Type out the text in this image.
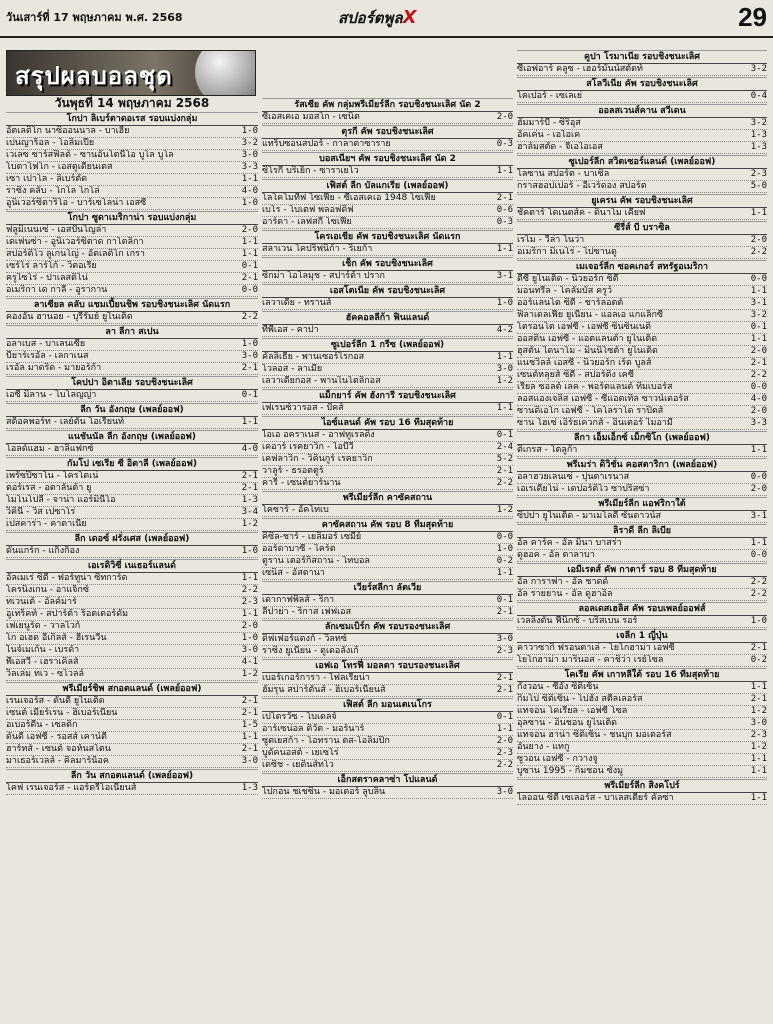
วันเสาร์ที่ 17 พฤษภาคม พ.ศ. 2568	สปอร์ตพูลX	29
สรุปผลบอลชุด
วันพุธที่ 14 พฤษภาคม 2568
โกปา ลิเบร์ตาดอเรส รอบแบ่งกลุ่ม
อัตเลติโก นาซิออนนาล - บาเฮีย	1-0
เปนญาร็อล - โอลิมเปีย	3-2
เวเลซ ซาร์สฟิลด์ - ซานอันโตนีโอ บูโล บูโล	3-0
โบตาโฟโก - เอสตูเดียนเตส	3-3
เซา เปาโล - ลิเบร์ตัด	1-1
ราซิ่ง คลับ - โกโล โกโล่	4-0
อูนิเวอร์ซิตาริโอ - บาร์เซโลน่า เอสซี	1-0
โกปา ซูดาเมริกาน่า รอบแบ่งกลุ่ม
ฟลูมิเนนเซ่ - เอสปันโญล่า	2-0
เดเฟนซ่า - อูนิเวอร์ซิตาด กาโตลิกา	1-1
สปอร์ติโว ลูเกนโญ่ - อัตเลติโก เกรา	1-1
เซร์โร่ ลาร์โก้ - วิตอเรีย	0-1
ครูไซโร่ - ปาเลสติโน่	2-1
อเมริกา เด กาลี - อูรากาน	0-0
ลาเซียล คลับ แชมเปี้ยนชิพ รอบชิงชนะเลิศ นัดแรก
คองอัน ฮานอย - บุรีรัมย์ ยูไนเต็ด	2-2
ลา ลีกา สเปน
อลาเบส - บาเลนเซีย	1-0
บียาร์เรอัล - เลกาเนส	3-0
เรอัล มาดริด - มายอร์ก้า	2-1
โคปปา อิตาเลีย รอบชิงชนะเลิศ
เอซี มิลาน - โบโลญญ่า	0-1
ลีก วัน อังกฤษ (เพลย์ออฟ)
สต็อคพอร์ท - เลย์ตัน โอเรียนท์	1-1
แนชันนัล ลีก อังกฤษ (เพลย์ออฟ)
โอลด์แฮม - ฮาลิแฟกซ์	4-0
กัมโป เซเรีย ซี อิตาลี (เพลย์ออฟ)
เพรัซปิซาโน - โครโตเน่	2-1
ตอร์เรส - อตาลันต้า ยู	2-1
โมโนโปลี - จาน่า แอร์มินีโอ	1-3
วิคินี่ - วิส เปซาโร่	3-4
เปสคาร่า - คาตาเนีย	1-2
ลีก เดอซ์ ฝรั่งเศส (เพลย์ออฟ)
ดันแกร์ก - แก็งก็อง	1-0
เอเรดิวิซี่ เนเธอร์แลนด์
อัลเมเร่ ซิตี้ - ฟอร์ทูน่า ซิทการ์ด	1-1
โครนิงเกน - อาแจ็กซ์	2-2
ทเวนเต้ - อัลค์มาร์	2-3
อูเทร็คท์ - สปาร์ต้า ร็อตเตอร์ดัม	1-1
เฟเยนูร์ด - วาลไวก์	2-0
โก อเฮด อีเกิลส์ - ฮีเรนวีน	1-0
ไนจ์เมเก้น - เบรด้า	3-0
พีเอสวี - เฮราเคิลส์	4-1
วิลเล่ม ทเว - ซโวลล์	1-2
พรีเมียร์ชิพ สกอตแลนด์ (เพลย์ออฟ)
เรนเจอร์ส - ดันดี ยูไนเต็ด	2-1
เซนต์ เมียร์เรน - ฮิเบอร์เนี่ยน	2-1
อเบอร์ดีน - เซลติก	1-5
ดันดี เอฟซี - รอสส์ เคาน์ตี้	1-1
ฮาร์ทส์ - เซนต์ จอห์นสโตน	2-1
มาเธอร์เวลล์ - คิลมาร์น็อค	3-0
ลีก วัน สกอตแลนด์ (เพลย์ออฟ)
โคฟ เรนเจอร์ส - แอร์ดรีโอเนียนส์	1-3
รัสเซีย คัพ กลุ่มพรีเมียร์ลีก รอบชิงชนะเลิศ นัด 2
ซีเอสเคเอ มอสโก - เซนิต	2-0
ตุรกี คัพ รอบชิงชนะเลิศ
แทร็บซอนสปอร์ - กาลาตาซาราย	0-3
บอสเนียฯ คัพ รอบชิงชนะเลิศ นัด 2
ซิโรกี้ บริเย็ก - ซาราเยโว	1-1
เฟิสต์ ลีก บัลแกเรีย (เพลย์ออฟ)
โลโคโมทีฟ โซเฟีย - ซีเอสเคเอ 1948 โซเฟีย	2-1
เบโร - โบเตฟ พลอฟดิฟ	0-6
อาร์ดา - เลฟสกี้ โซเฟีย	0-3
โครเอเชีย คัพ รอบชิงชนะเลิศ นัดแรก
สลาเวน โคปริฟนิก้า - ริเยก้า	1-1
เช็ก คัพ รอบชิงชนะเลิศ
ซิกม่า โอโลมุช - สปาร์ต้า ปราก	3-1
เอสโตเนีย คัพ รอบชิงชนะเลิศ
เลวาเดีย - ทรานส์	1-0
ฮัคคอลลีก้า ฟินแลนด์
ทีพีเอส - คาปา	4-2
ซูเปอร์ลีก 1 กรีซ (เพลย์ออฟ)
คัลลิเธีย - พานเซอร์ไรกอส	1-1
โวลอส - ลาเมีย	3-0
เลวาเดียกอส - พานไนโตลิกอส	1-2
แม็กยาร์ คัพ ฮังการี รอบชิงชนะเลิศ
เฟเรนซ์วารอส - ปัคส์	1-1
ไอซ์แลนด์ คัพ รอบ 16 ทีมสุดท้าย
ไอเอ อคราเนส - อาฟทูเรลดิง	0-1
เคอาร์ เรคยาวิก - ไอบีวี	2-4
เคฟลาวิก - วิคินกูร์ เรคยาวิก	5-2
วาลูร์ - ธรอตตูร์	2-1
คารี่ - เซนต์ยาร์นาน	2-2
พรีเมียร์ลีก คาซัคสถาน
โคซาร์ - อัคโทเบ	1-2
คาซัคสถาน คัพ รอบ 8 ทีมสุดท้าย
คิซิล-ชาร์ - เยลิมอร์ เซมีย์	0-0
ออร์ดาบาซี่ - ไคร์ต	1-0
ตูราน เตอร์กิสถาน - โทบอล	0-2
เซนิส - อัสตานา	1-1
เวียร์สลีกา ลัตเวีย
เดากาฟพิลส์ - ริกา	0-1
ลีปาย่า - ริกาส เฟฟเอส	2-1
ลักเซมเบิร์ก คัพ รอบรองชนะเลิศ
ดิฟเฟอร์แดงก์ - วิลทซ์	3-0
ราซิ่ง ยูเนี่ยน - ดูเดอลังเก้	2-3
เอฟเอ โทรฟี่ มอลตา รอบรองชนะเลิศ
เบอร์เกอร์การา - ไฟลเรียน่า	2-1
ฮัมรุน สปาร์ตันส์ - ฮิเบอร์เนียนส์	2-1
เฟิสต์ ลีก มอนเตเนโกร
เปโตรวัซ - โบเดลจ์	0-1
อาร์เซน่อล ติวัต - มอร์นาร์	1-1
ซูตเยสก้า - โอทราน ตส-โอลิมปิก	2-0
บูดัคนอสต์ - เยเซโร่	2-3
เดซิช - เยดินส์ทโว	2-2
เอ็กสตราคลาซ่า โปแลนด์
โปกอน ชเชซิน - มอเตอร์ ลูบลิน	3-0
คูปา โรมาเนีย รอบชิงชนะเลิศ
ซีเอฟอาร์ คลูซ - เฮอร์มันน์สตัดท์	3-2
สโลวีเนีย คัพ รอบชิงชนะเลิศ
โคเปอร์ - เซเลเย่	0-4
ออลสเวนส์คาน สวีเดน
ฮัมมาร์บี้ - ซิริอุส	3-2
อัคเค่น - เอไอเค	1-3
ฮาล์มสตัด - จีเอไอเอส	1-3
ซูเปอร์ลีก สวิตเซอร์แลนด์ (เพลย์ออฟ)
โลซาน สปอร์ต - บาเซิล	2-3
กราสฮอปเปอร์ - อีเวร์ดอง สปอร์ต	5-0
ยูเครน คัพ รอบชิงชนะเลิศ
ชัคตาร์ โดเนตส์ค - ดินาโม เคียฟ	1-1
ซีรี่ส์ บี บราซิล
เรโม - วีล่า โนว่า	2-0
อเมริกา มิเนโร่ - ไปซานดู	2-2
เมเจอร์ลีก ซอคเกอร์ สหรัฐอเมริกา
ดีซี ยูไนเต็ด - นิวยอร์ก ซิตี้	0-0
มอนทรีล - โคลัมบัส ครูว์	1-1
ออร์แลนโด ซิตี้ - ชาร์ลอตต์	3-1
ฟิลาเดลเฟีย ยูเนียน - แอลเอ แกแล็กซี่	3-2
โตรอนโต เอฟซี - เอฟซี ซินซินเนติ	0-1
ออสติน เอฟซี - แอตแลนต้า ยูไนเต็ด	1-1
ฮุสตัน ไดนาโม - มินนิโซต้า ยูไนเต็ด	2-0
แนชวิลล์ เอสซี - นิวยอร์ก เร้ด บูลส์	2-1
เซนต์หลุยส์ ซิตี้ - สปอร์ติ้ง เคซี	2-2
เรียล ซอลต์ เลค - พอร์ตแลนด์ ทิมเบอร์ส	0-0
ลอสแองเจลิส เอฟซี - ซีแอตเทิล ซาวน์เดอร์ส	4-0
ซานดิเอโก เอฟซี - โคโลราโด ราปิดส์	2-0
ซาน โฮเซ่ เอิร์ธเควกส์ - อินเตอร์ ไมอามี่	3-3
ลีกา เอ็มเอ็กซ์ เม็กซิโก (เพลย์ออฟ)
ติเกรส - โตลูก้า	1-1
พรีเมร่า ดิวิชั่น คอสตาริกา (เพลย์ออฟ)
อลาฮวยเลนเซ่ - ปุนตาเรนาส	0-0
เอเรเดียโน่ - เดปอร์ติโว ซาปริสซ่า	2-0
พรีเมียร์ลีก แอฟริกาใต้
ซิปปา ยูไนเต็ด - มาเมโลดี้ ซันดาวน์ส	3-1
ลิราดี ลีก ลิเบีย
อัล คาร์ค - อัล มินา บาสร่า	1-1
ดูฮอค - อัล ตาลาบา	0-0
เอมีเรตส์ คัพ กาตาร์ รอบ 8 ทีมสุดท้าย
อัล การาฟา - อัล ชาดด์	2-2
อัล รายยาน - อัล ดูฮาอิล	2-2
ลอลเดสเฮลิส คัพ รอบเพลย์ออฟส์
เวลลิงตัน ฟีนิกซ์ - บริสเบน รอร์	1-0
เจลีก 1 ญี่ปุ่น
คาวาซากิ ฟรอนตาเล่ - โยโกฮาม่า เอฟซี	2-1
โยโกฮาม่า มารินอส - คาชิว่า เรย์โซล	0-2
โคเรีย คัพ เกาหลีใต้ รอบ 16 ทีมสุดท้าย
กังวอน - ซีอัง ซิติเซ็น	1-1
กิมโป ซิติเซ็น - โปฮัง สตีลเลอร์ส	2-1
แทจอน โคเรียล - เอฟซี โซล	1-2
อุลซาน - อินชอน ยูไนเต็ด	3-0
แทจอน ฮาน่า ซิติเซ็น - ชนบุก มอเตอร์ส	2-3
อันยาง - แทกู	1-2
ซูวอน เอฟซี - กวางจู	1-1
บูซาน 1995 - กิมชอน ซังมู	1-1
พรีเมียร์ลีก สิงคโปร์
ไลออน ซิตี้ เซเลอร์ส - บาเลสเตียร์ คัลซ่า	1-1
